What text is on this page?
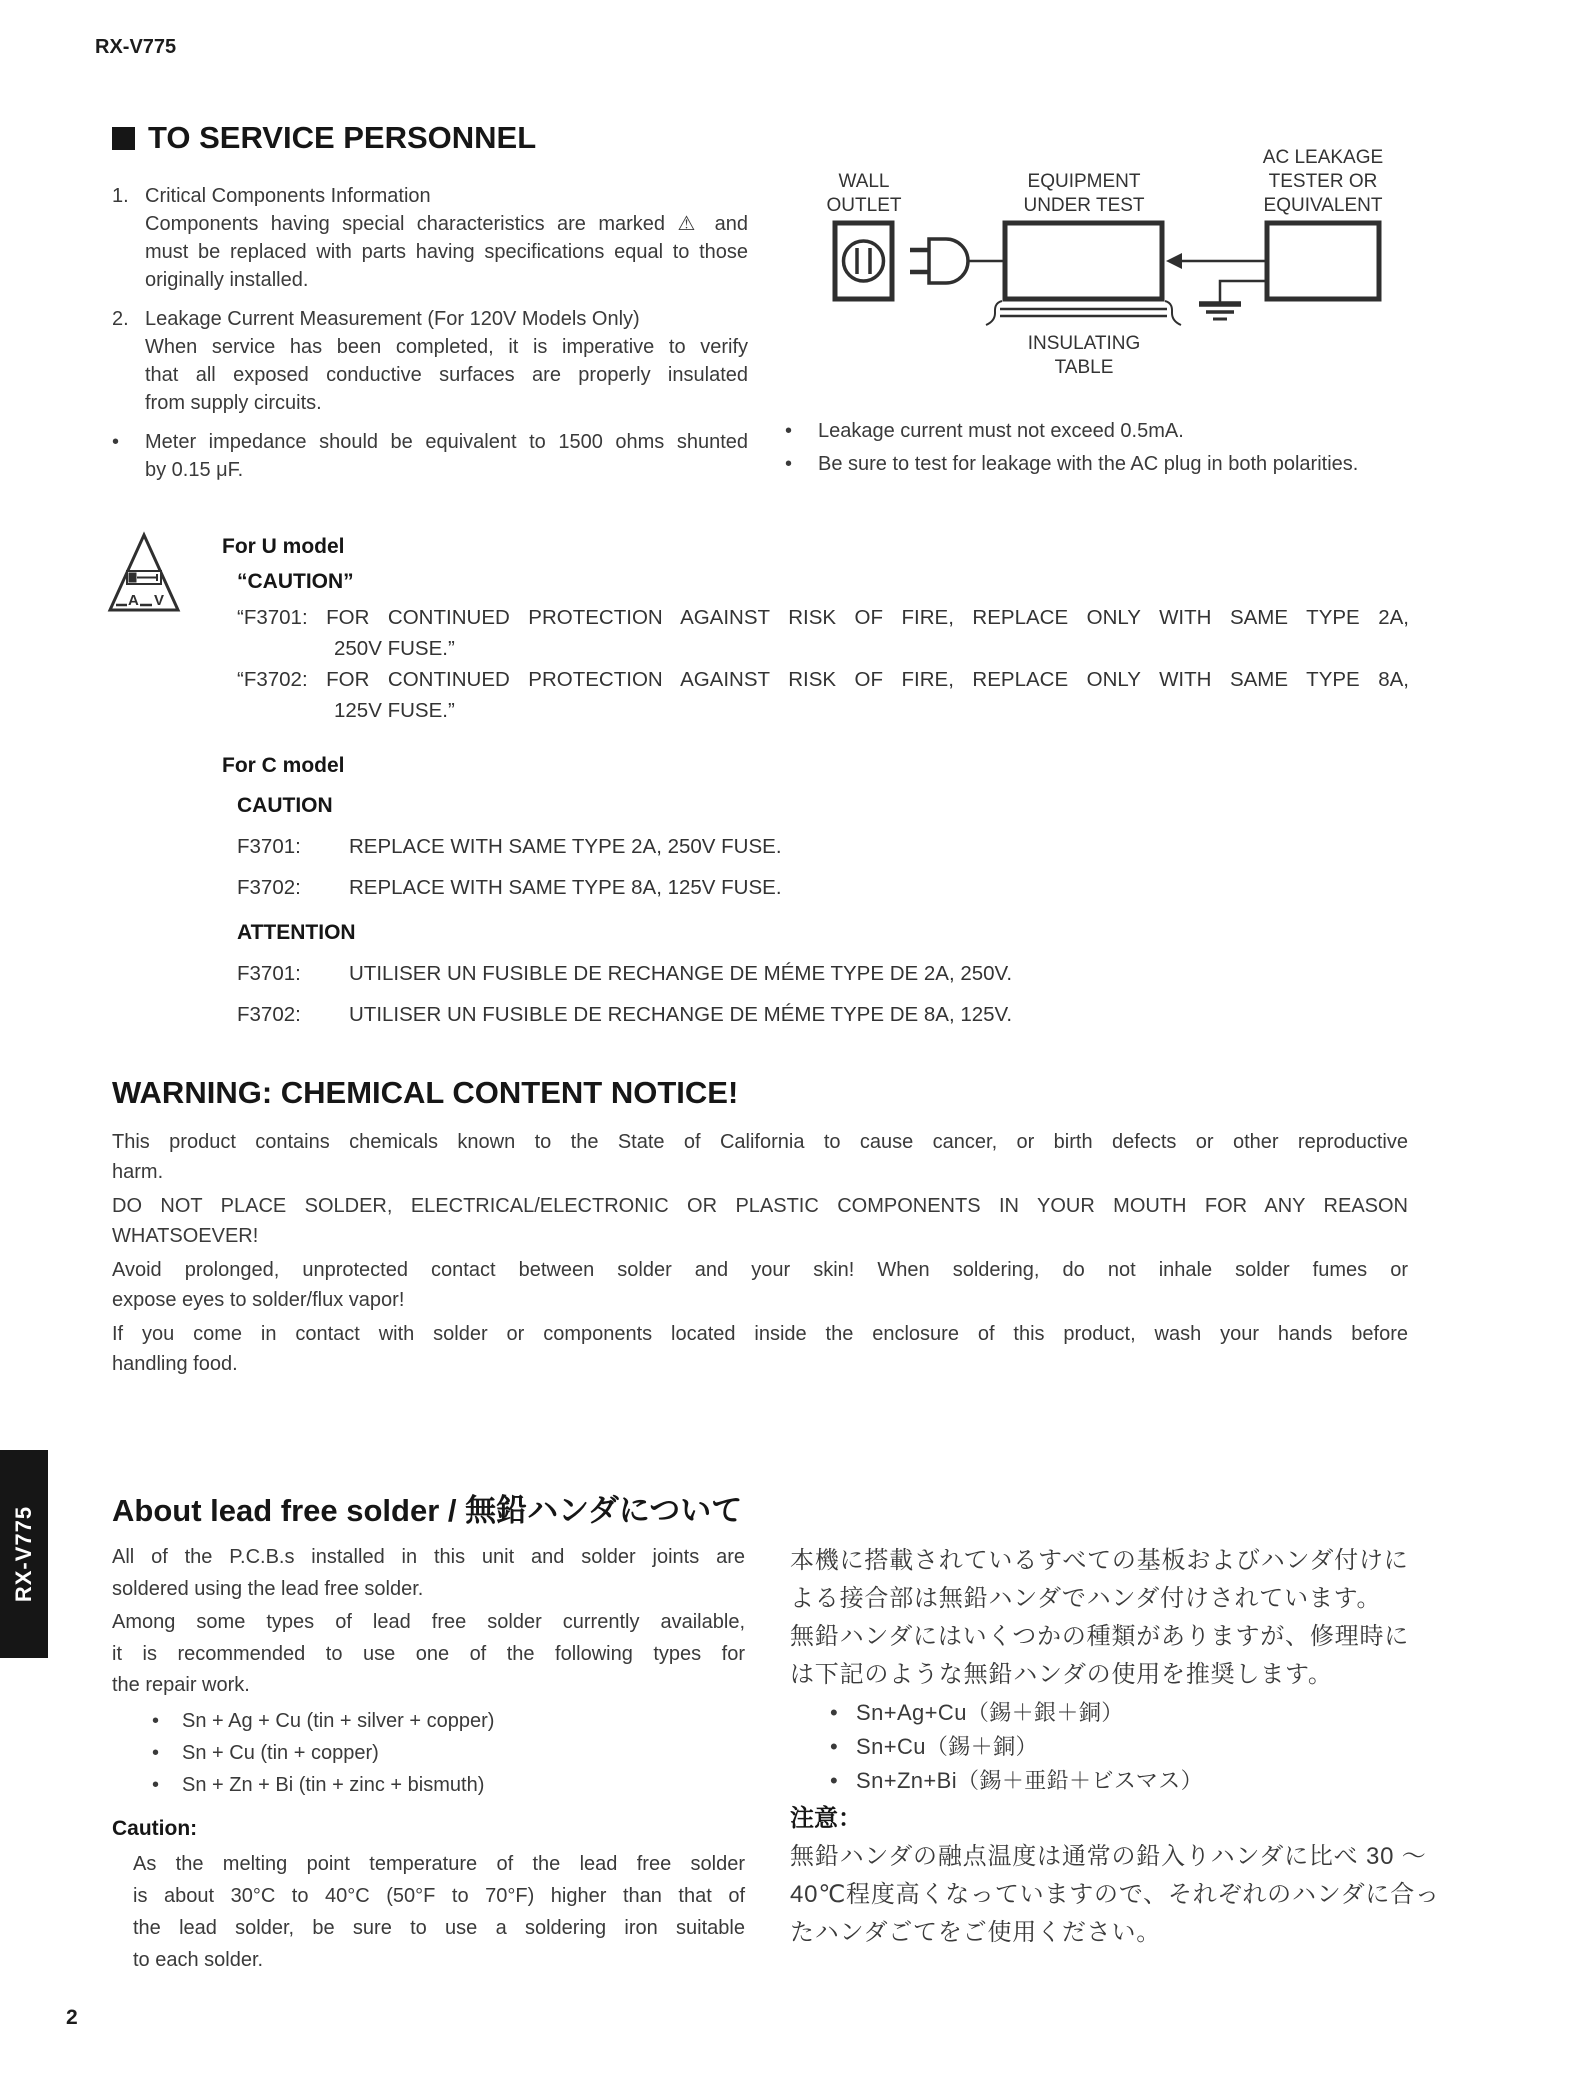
RX-V775
TO SERVICE PERSONNEL
1. Critical Components Information
Components having special characteristics are marked ⚠ and
must be replaced with parts having specifications equal to those
originally installed.
2. Leakage Current Measurement (For 120V Models Only)
When service has been completed, it is imperative to verify
that all exposed conductive surfaces are properly insulated
from supply circuits.
•	Meter impedance should be equivalent to 1500 ohms shunted
by 0.15 μF.
WALL
OUTLET
EQUIPMENT
UNDER TEST
AC LEAKAGE
TESTER OR
EQUIVALENT
INSULATING
TABLE
•	Leakage current must not exceed 0.5mA.
•	Be sure to test for leakage with the AC plug in both polarities.
A V
For U model
“CAUTION”
“F3701: FOR CONTINUED PROTECTION AGAINST RISK OF FIRE, REPLACE ONLY WITH SAME TYPE 2A,
250V FUSE.”
“F3702: FOR CONTINUED PROTECTION AGAINST RISK OF FIRE, REPLACE ONLY WITH SAME TYPE 8A,
125V FUSE.”
For C model
CAUTION
F3701:	REPLACE WITH SAME TYPE 2A, 250V FUSE.
F3702:	REPLACE WITH SAME TYPE 8A, 125V FUSE.
ATTENTION
F3701:	UTILISER UN FUSIBLE DE RECHANGE DE MÉME TYPE DE 2A, 250V.
F3702:	UTILISER UN FUSIBLE DE RECHANGE DE MÉME TYPE DE 8A, 125V.
WARNING: CHEMICAL CONTENT NOTICE!
This product contains chemicals known to the State of California to cause cancer, or birth defects or other reproductive
harm.
DO NOT PLACE SOLDER, ELECTRICAL/ELECTRONIC OR PLASTIC COMPONENTS IN YOUR MOUTH FOR ANY REASON
WHATSOEVER!
Avoid prolonged, unprotected contact between solder and your skin! When soldering, do not inhale solder fumes or
expose eyes to solder/flux vapor!
If you come in contact with solder or components located inside the enclosure of this product, wash your hands before
handling food.
About lead free solder / 無鉛ハンダについて
All of the P.C.B.s installed in this unit and solder joints are
soldered using the lead free solder.
Among some types of lead free solder currently available,
it is recommended to use one of the following types for
the repair work.
•	Sn + Ag + Cu (tin + silver + copper)
•	Sn + Cu (tin + copper)
•	Sn + Zn + Bi (tin + zinc + bismuth)
Caution:
As the melting point temperature of the lead free solder
is about 30°C to 40°C (50°F to 70°F) higher than that of
the lead solder, be sure to use a soldering iron suitable
to each solder.
本機に搭載されているすべての基板およびハンダ付けに
よる接合部は無鉛ハンダでハンダ付けされています。
無鉛ハンダにはいくつかの種類がありますが、修理時に
は下記のような無鉛ハンダの使用を推奨します。
• Sn+Ag+Cu（錫＋銀＋銅）
• Sn+Cu（錫＋銅）
• Sn+Zn+Bi（錫＋亜鉛＋ビスマス）
注意：
無鉛ハンダの融点温度は通常の鉛入りハンダに比べ 30 ～
40℃程度高くなっていますので、それぞれのハンダに合っ
たハンダごてをご使用ください。
RX-V775
2
